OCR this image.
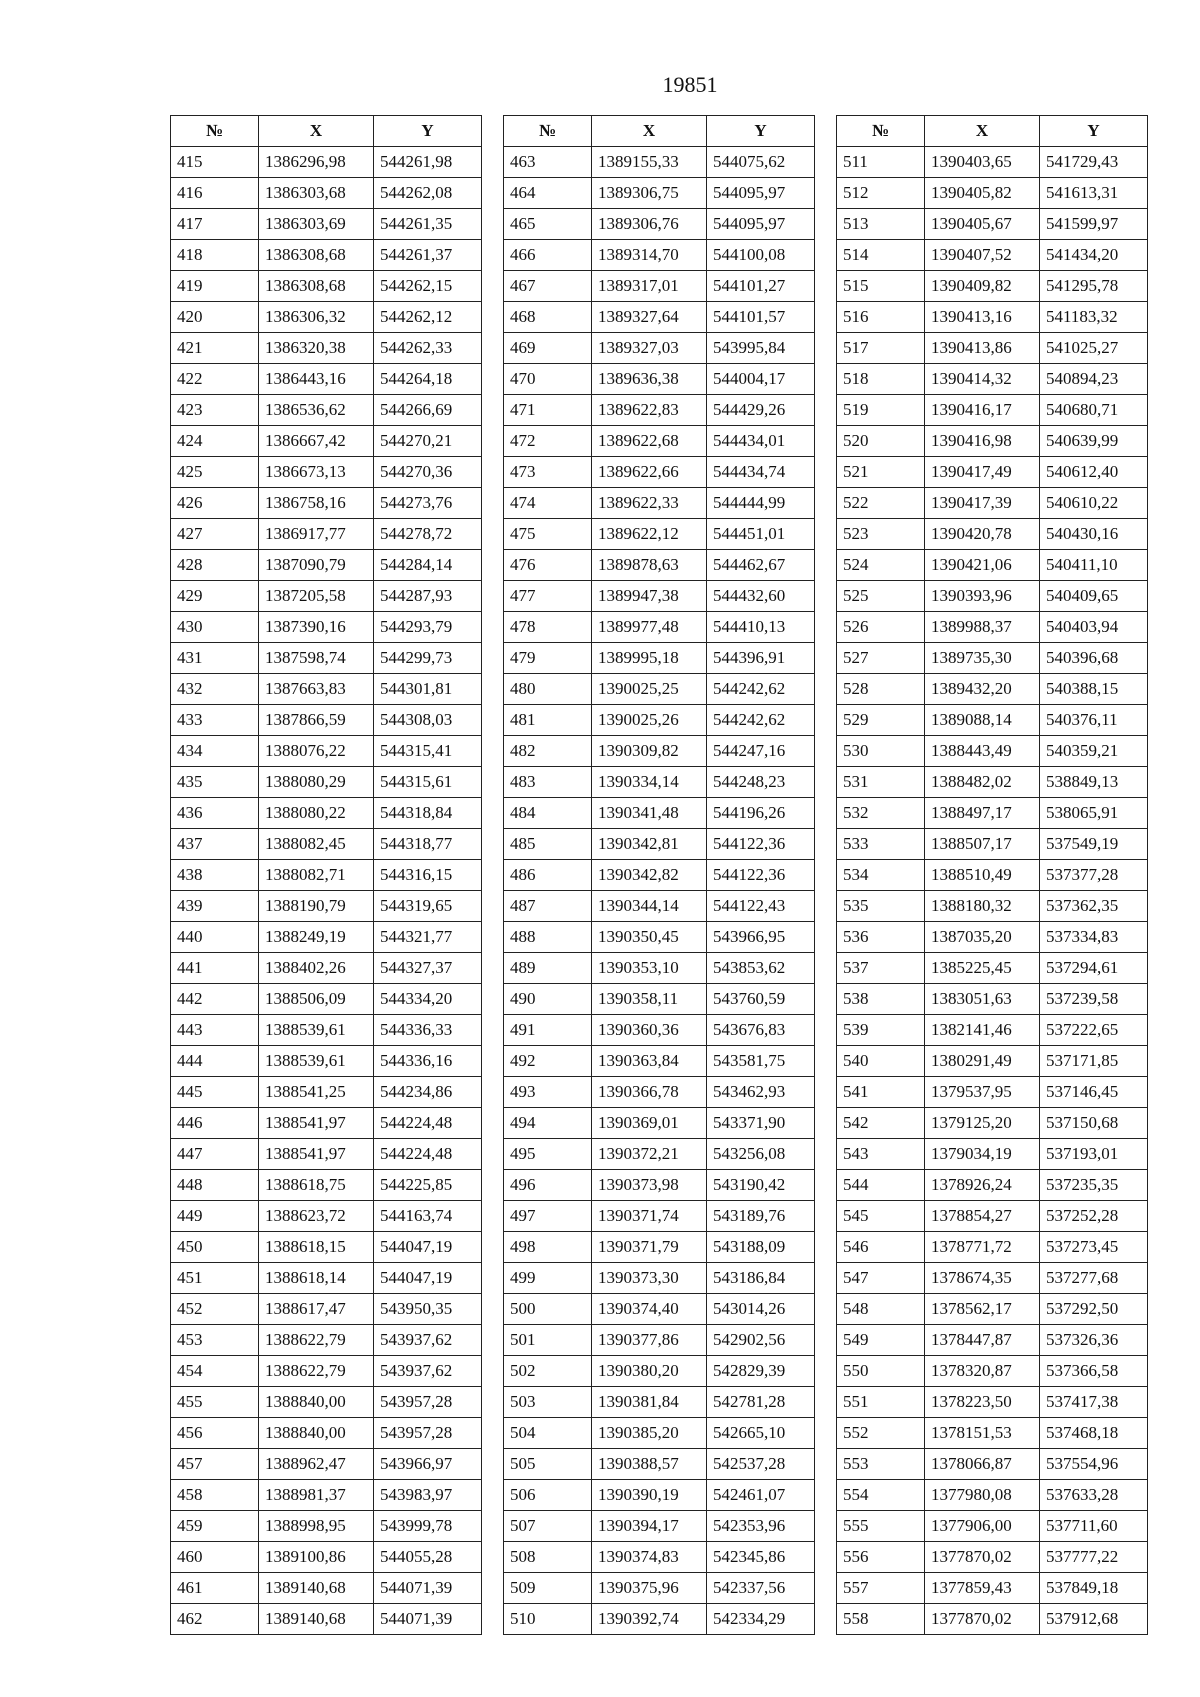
19851
№	X	Y
415	1386296,98	544261,98
416	1386303,68	544262,08
417	1386303,69	544261,35
418	1386308,68	544261,37
419	1386308,68	544262,15
420	1386306,32	544262,12
421	1386320,38	544262,33
422	1386443,16	544264,18
423	1386536,62	544266,69
424	1386667,42	544270,21
425	1386673,13	544270,36
426	1386758,16	544273,76
427	1386917,77	544278,72
428	1387090,79	544284,14
429	1387205,58	544287,93
430	1387390,16	544293,79
431	1387598,74	544299,73
432	1387663,83	544301,81
433	1387866,59	544308,03
434	1388076,22	544315,41
435	1388080,29	544315,61
436	1388080,22	544318,84
437	1388082,45	544318,77
438	1388082,71	544316,15
439	1388190,79	544319,65
440	1388249,19	544321,77
441	1388402,26	544327,37
442	1388506,09	544334,20
443	1388539,61	544336,33
444	1388539,61	544336,16
445	1388541,25	544234,86
446	1388541,97	544224,48
447	1388541,97	544224,48
448	1388618,75	544225,85
449	1388623,72	544163,74
450	1388618,15	544047,19
451	1388618,14	544047,19
452	1388617,47	543950,35
453	1388622,79	543937,62
454	1388622,79	543937,62
455	1388840,00	543957,28
456	1388840,00	543957,28
457	1388962,47	543966,97
458	1388981,37	543983,97
459	1388998,95	543999,78
460	1389100,86	544055,28
461	1389140,68	544071,39
462	1389140,68	544071,39
№	X	Y
463	1389155,33	544075,62
464	1389306,75	544095,97
465	1389306,76	544095,97
466	1389314,70	544100,08
467	1389317,01	544101,27
468	1389327,64	544101,57
469	1389327,03	543995,84
470	1389636,38	544004,17
471	1389622,83	544429,26
472	1389622,68	544434,01
473	1389622,66	544434,74
474	1389622,33	544444,99
475	1389622,12	544451,01
476	1389878,63	544462,67
477	1389947,38	544432,60
478	1389977,48	544410,13
479	1389995,18	544396,91
480	1390025,25	544242,62
481	1390025,26	544242,62
482	1390309,82	544247,16
483	1390334,14	544248,23
484	1390341,48	544196,26
485	1390342,81	544122,36
486	1390342,82	544122,36
487	1390344,14	544122,43
488	1390350,45	543966,95
489	1390353,10	543853,62
490	1390358,11	543760,59
491	1390360,36	543676,83
492	1390363,84	543581,75
493	1390366,78	543462,93
494	1390369,01	543371,90
495	1390372,21	543256,08
496	1390373,98	543190,42
497	1390371,74	543189,76
498	1390371,79	543188,09
499	1390373,30	543186,84
500	1390374,40	543014,26
501	1390377,86	542902,56
502	1390380,20	542829,39
503	1390381,84	542781,28
504	1390385,20	542665,10
505	1390388,57	542537,28
506	1390390,19	542461,07
507	1390394,17	542353,96
508	1390374,83	542345,86
509	1390375,96	542337,56
510	1390392,74	542334,29
№	X	Y
511	1390403,65	541729,43
512	1390405,82	541613,31
513	1390405,67	541599,97
514	1390407,52	541434,20
515	1390409,82	541295,78
516	1390413,16	541183,32
517	1390413,86	541025,27
518	1390414,32	540894,23
519	1390416,17	540680,71
520	1390416,98	540639,99
521	1390417,49	540612,40
522	1390417,39	540610,22
523	1390420,78	540430,16
524	1390421,06	540411,10
525	1390393,96	540409,65
526	1389988,37	540403,94
527	1389735,30	540396,68
528	1389432,20	540388,15
529	1389088,14	540376,11
530	1388443,49	540359,21
531	1388482,02	538849,13
532	1388497,17	538065,91
533	1388507,17	537549,19
534	1388510,49	537377,28
535	1388180,32	537362,35
536	1387035,20	537334,83
537	1385225,45	537294,61
538	1383051,63	537239,58
539	1382141,46	537222,65
540	1380291,49	537171,85
541	1379537,95	537146,45
542	1379125,20	537150,68
543	1379034,19	537193,01
544	1378926,24	537235,35
545	1378854,27	537252,28
546	1378771,72	537273,45
547	1378674,35	537277,68
548	1378562,17	537292,50
549	1378447,87	537326,36
550	1378320,87	537366,58
551	1378223,50	537417,38
552	1378151,53	537468,18
553	1378066,87	537554,96
554	1377980,08	537633,28
555	1377906,00	537711,60
556	1377870,02	537777,22
557	1377859,43	537849,18
558	1377870,02	537912,68
